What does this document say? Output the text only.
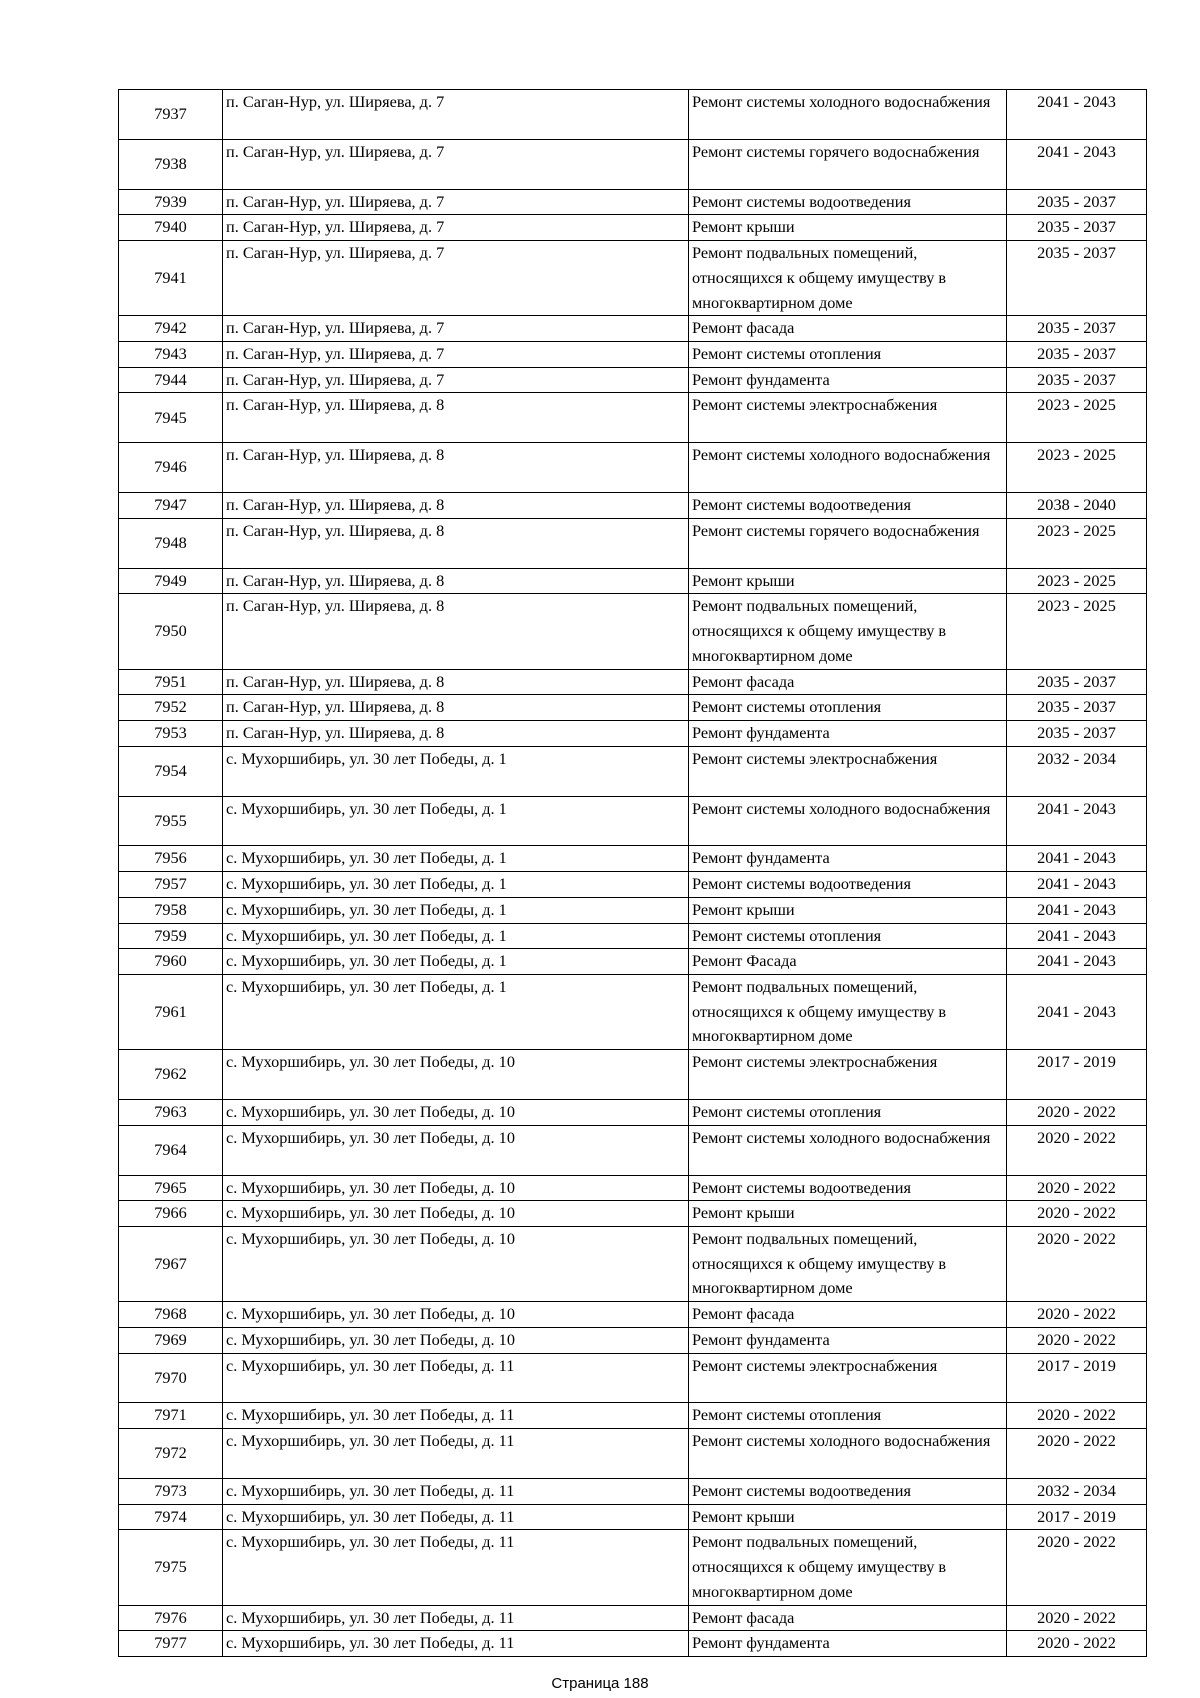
7937	п. Саган-Нур, ул. Ширяева, д. 7	Ремонт системы холодного водоснабжения	2041 - 2043
7938	п. Саган-Нур, ул. Ширяева, д. 7	Ремонт системы горячего водоснабжения	2041 - 2043
7939	п. Саган-Нур, ул. Ширяева, д. 7	Ремонт системы водоотведения	2035 - 2037
7940	п. Саган-Нур, ул. Ширяева, д. 7	Ремонт крыши	2035 - 2037
7941	п. Саган-Нур, ул. Ширяева, д. 7	Ремонт подвальных помещений, относящихся к общему имуществу в многоквартирном доме	2035 - 2037
7942	п. Саган-Нур, ул. Ширяева, д. 7	Ремонт фасада	2035 - 2037
7943	п. Саган-Нур, ул. Ширяева, д. 7	Ремонт системы отопления	2035 - 2037
7944	п. Саган-Нур, ул. Ширяева, д. 7	Ремонт фундамента	2035 - 2037
7945	п. Саган-Нур, ул. Ширяева, д. 8	Ремонт системы электроснабжения	2023 - 2025
7946	п. Саган-Нур, ул. Ширяева, д. 8	Ремонт системы холодного водоснабжения	2023 - 2025
7947	п. Саган-Нур, ул. Ширяева, д. 8	Ремонт системы водоотведения	2038 - 2040
7948	п. Саган-Нур, ул. Ширяева, д. 8	Ремонт системы горячего водоснабжения	2023 - 2025
7949	п. Саган-Нур, ул. Ширяева, д. 8	Ремонт крыши	2023 - 2025
7950	п. Саган-Нур, ул. Ширяева, д. 8	Ремонт подвальных помещений, относящихся к общему имуществу в многоквартирном доме	2023 - 2025
7951	п. Саган-Нур, ул. Ширяева, д. 8	Ремонт фасада	2035 - 2037
7952	п. Саган-Нур, ул. Ширяева, д. 8	Ремонт системы отопления	2035 - 2037
7953	п. Саган-Нур, ул. Ширяева, д. 8	Ремонт фундамента	2035 - 2037
7954	с. Мухоршибирь, ул. 30 лет Победы, д. 1	Ремонт системы электроснабжения	2032 - 2034
7955	с. Мухоршибирь, ул. 30 лет Победы, д. 1	Ремонт системы холодного водоснабжения	2041 - 2043
7956	с. Мухоршибирь, ул. 30 лет Победы, д. 1	Ремонт фундамента	2041 - 2043
7957	с. Мухоршибирь, ул. 30 лет Победы, д. 1	Ремонт системы водоотведения	2041 - 2043
7958	с. Мухоршибирь, ул. 30 лет Победы, д. 1	Ремонт крыши	2041 - 2043
7959	с. Мухоршибирь, ул. 30 лет Победы, д. 1	Ремонт системы отопления	2041 - 2043
7960	с. Мухоршибирь, ул. 30 лет Победы, д. 1	Ремонт Фасада	2041 - 2043
7961	с. Мухоршибирь, ул. 30 лет Победы, д. 1	Ремонт подвальных помещений, относящихся к общему имуществу в многоквартирном доме	2041 - 2043
7962	с. Мухоршибирь, ул. 30 лет Победы, д. 10	Ремонт системы электроснабжения	2017 - 2019
7963	с. Мухоршибирь, ул. 30 лет Победы, д. 10	Ремонт системы отопления	2020 - 2022
7964	с. Мухоршибирь, ул. 30 лет Победы, д. 10	Ремонт системы холодного водоснабжения	2020 - 2022
7965	с. Мухоршибирь, ул. 30 лет Победы, д. 10	Ремонт системы водоотведения	2020 - 2022
7966	с. Мухоршибирь, ул. 30 лет Победы, д. 10	Ремонт крыши	2020 - 2022
7967	с. Мухоршибирь, ул. 30 лет Победы, д. 10	Ремонт подвальных помещений, относящихся к общему имуществу в многоквартирном доме	2020 - 2022
7968	с. Мухоршибирь, ул. 30 лет Победы, д. 10	Ремонт фасада	2020 - 2022
7969	с. Мухоршибирь, ул. 30 лет Победы, д. 10	Ремонт фундамента	2020 - 2022
7970	с. Мухоршибирь, ул. 30 лет Победы, д. 11	Ремонт системы электроснабжения	2017 - 2019
7971	с. Мухоршибирь, ул. 30 лет Победы, д. 11	Ремонт системы отопления	2020 - 2022
7972	с. Мухоршибирь, ул. 30 лет Победы, д. 11	Ремонт системы холодного водоснабжения	2020 - 2022
7973	с. Мухоршибирь, ул. 30 лет Победы, д. 11	Ремонт системы водоотведения	2032 - 2034
7974	с. Мухоршибирь, ул. 30 лет Победы, д. 11	Ремонт крыши	2017 - 2019
7975	с. Мухоршибирь, ул. 30 лет Победы, д. 11	Ремонт подвальных помещений, относящихся к общему имуществу в многоквартирном доме	2020 - 2022
7976	с. Мухоршибирь, ул. 30 лет Победы, д. 11	Ремонт фасада	2020 - 2022
7977	с. Мухоршибирь, ул. 30 лет Победы, д. 11	Ремонт фундамента	2020 - 2022
Страница 188
